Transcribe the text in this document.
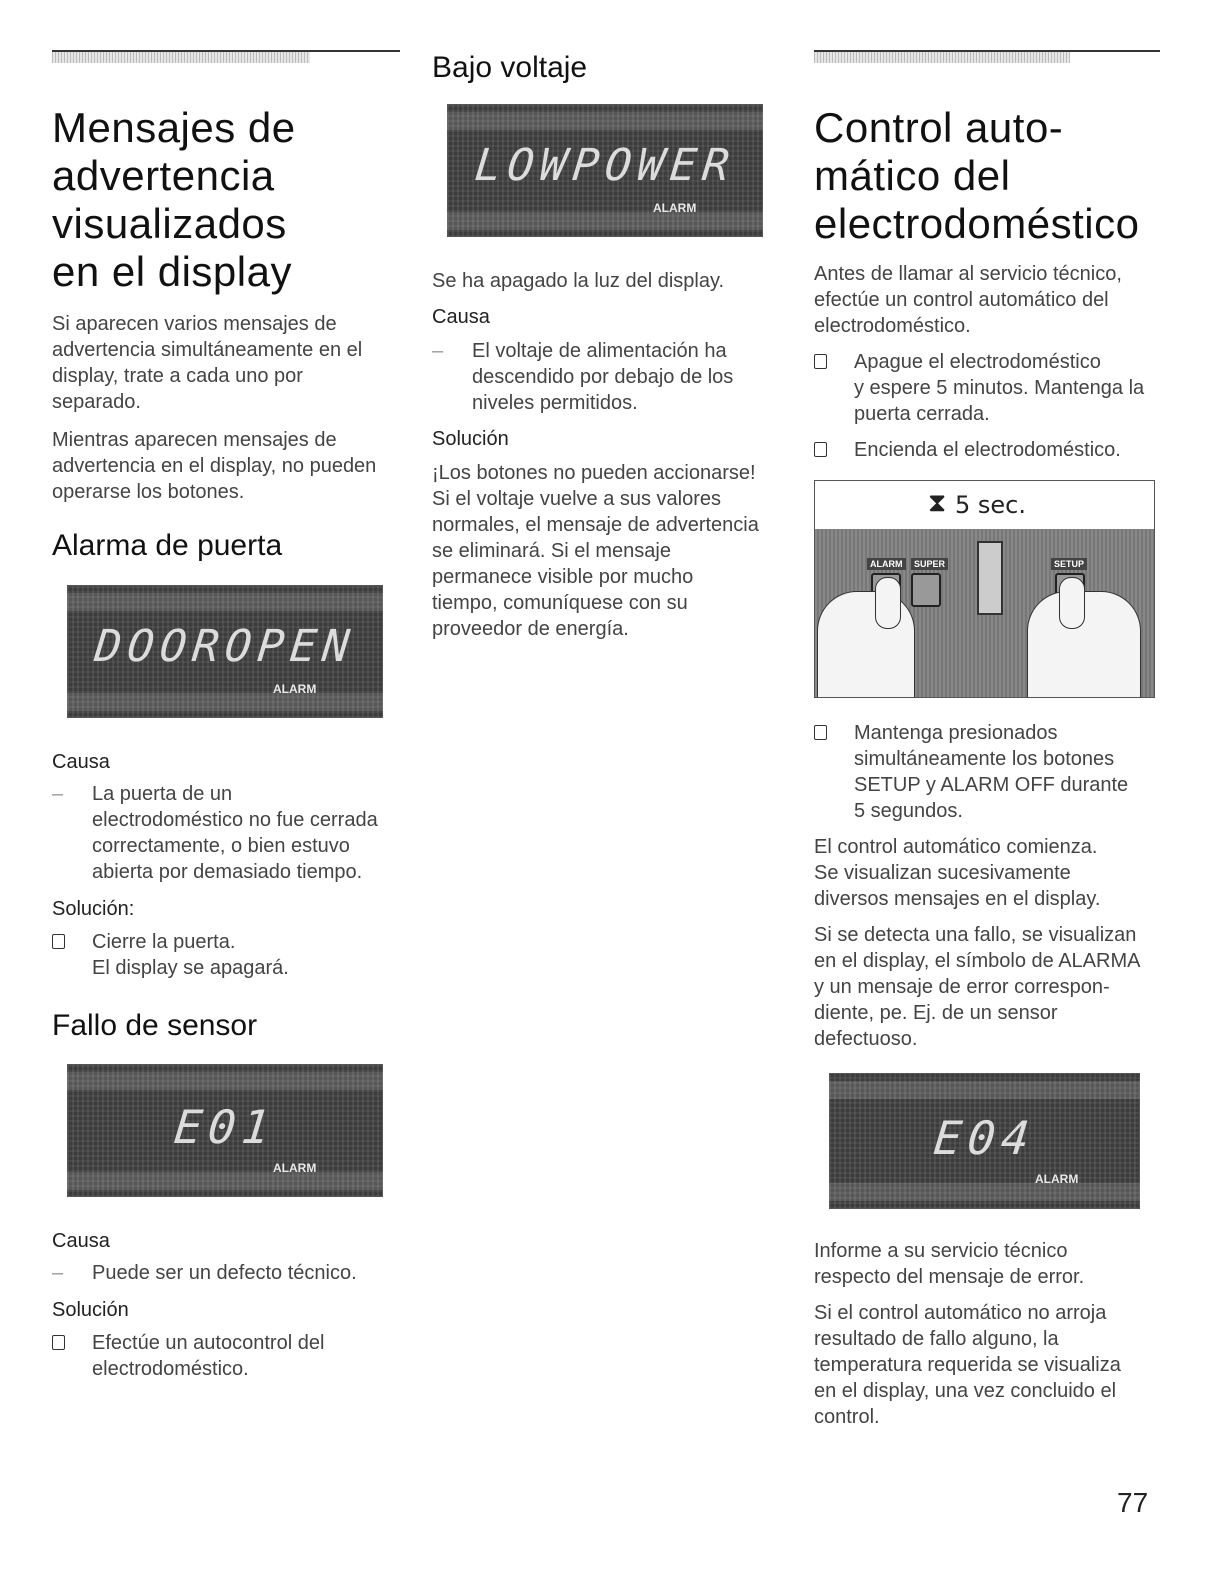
Mensajes de
advertencia
visualizados
en el display

Si aparecen varios mensajes de

advertencia simultáneamente en el

display, trate a cada uno por

separado.

Mientras aparecen mensajes de

advertencia en el display, no pueden

operarse los botones.

Alarma de puerta
DOOROPEN
ALARM
Causa
– La puerta de un
electrodoméstico no fue cerrada
correctamente, o bien estuvo
abierta por demasiado tiempo.
Solución:
Cierre la puerta.
El display se apagará.
Fallo de sensor
E01
ALARM
Causa
– Puede ser un defecto técnico.
Solución
Efectúe un autocontrol del
electrodoméstico.
Bajo voltaje
LOWPOWER
ALARM

Se ha apagado la luz del display.

Causa
– El voltaje de alimentación ha
descendido por debajo de los
niveles permitidos.
Solución

¡Los botones no pueden accionarse!

Si el voltaje vuelve a sus valores

normales, el mensaje de advertencia

se eliminará. Si el mensaje

permanece visible por mucho

tiempo, comuníquese con su

proveedor de energía.

Control auto-
mático del
electrodoméstico

Antes de llamar al servicio técnico,

efectúe un control automático del

electrodoméstico.

Apague el electrodoméstico
y espere 5 minutos. Mantenga la
puerta cerrada.
Encienda el electrodoméstico.
⧗ 5 sec.
ALARM	SUPER	SETUP
Mantenga presionados
simultáneamente los botones
SETUP y ALARM OFF durante
5 segundos.

El control automático comienza.

Se visualizan sucesivamente

diversos mensajes en el display.

Si se detecta una fallo, se visualizan

en el display, el símbolo de ALARMA

y un mensaje de error correspon-

diente, pe. Ej. de un sensor

defectuoso.

E04
ALARM

Informe a su servicio técnico

respecto del mensaje de error.

Si el control automático no arroja

resultado de fallo alguno, la

temperatura requerida se visualiza

en el display, una vez concluido el

control.

77
